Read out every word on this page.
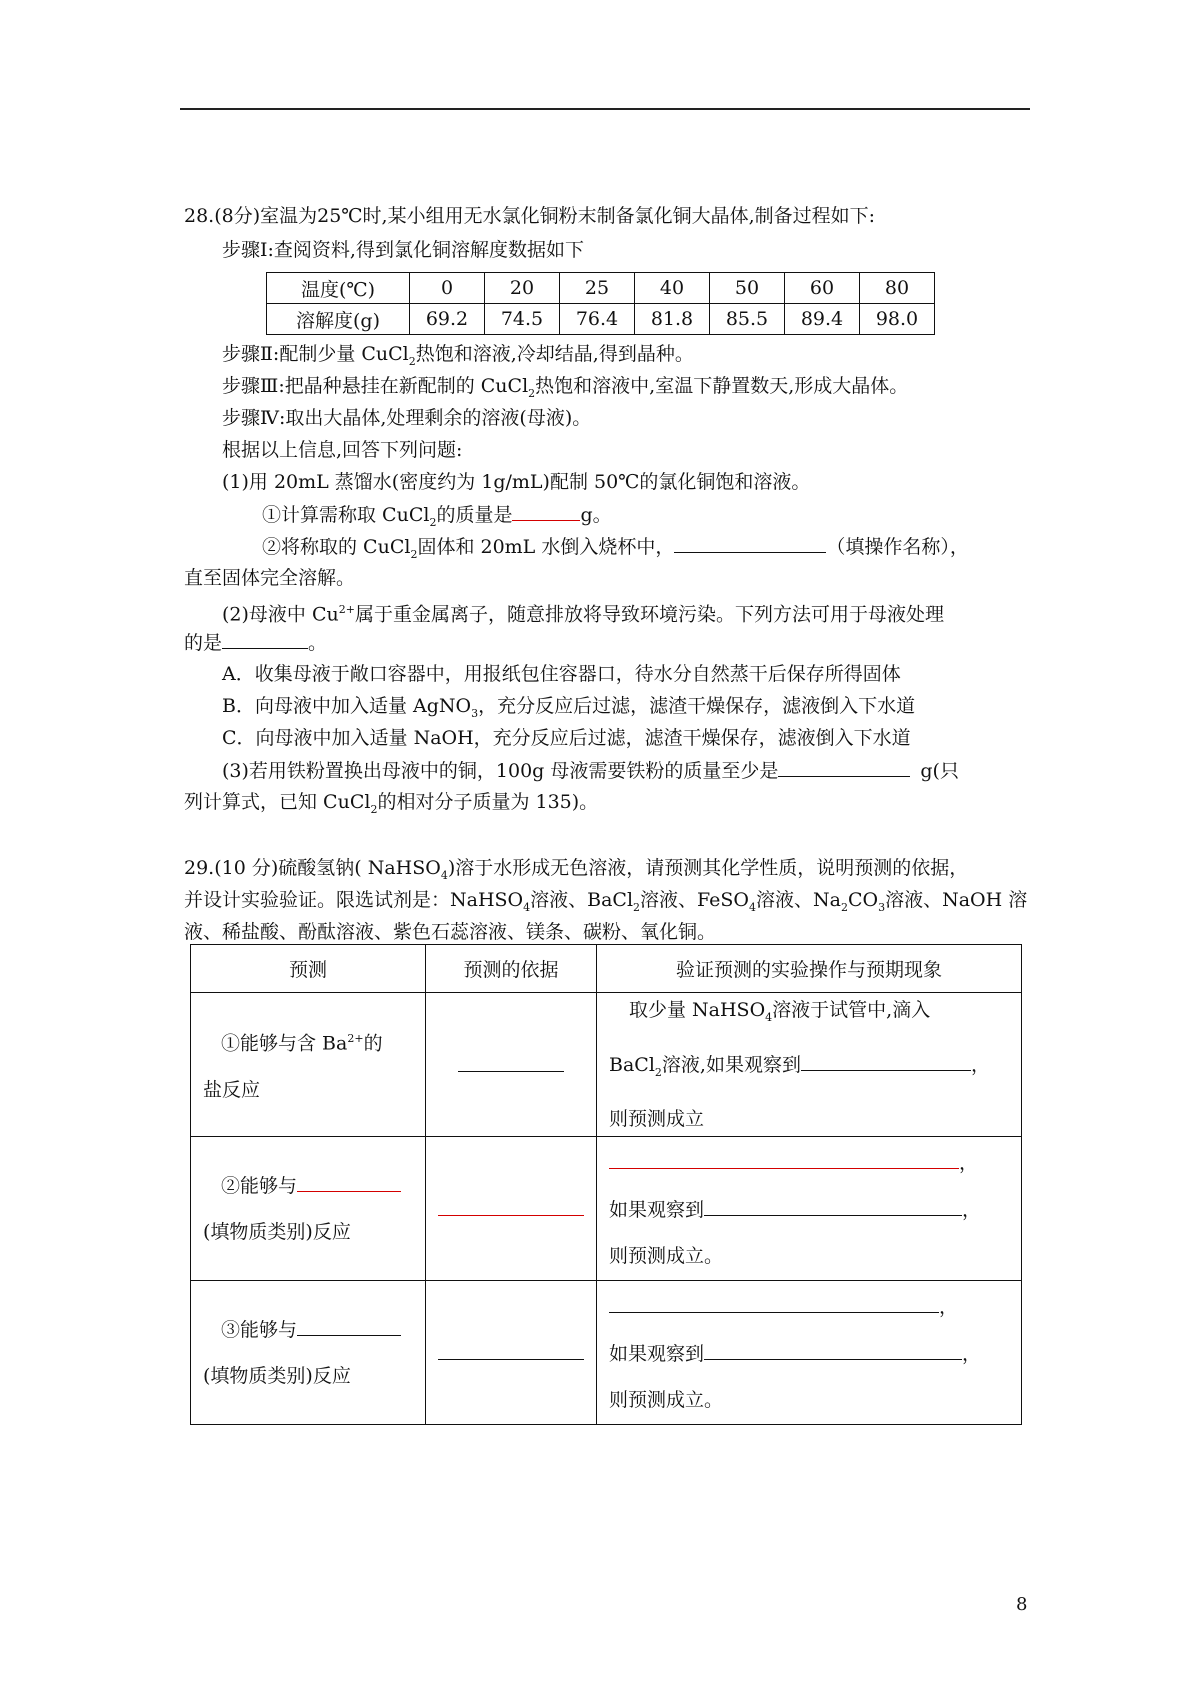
28.(8分)室温为25℃时,某小组用无水氯化铜粉末制备氯化铜大晶体,制备过程如下:
步骤Ⅰ:查阅资料,得到氯化铜溶解度数据如下
温度(℃)	0	20	25	40	50	60	80
溶解度(g)	69.2	74.5	76.4	81.8	85.5	89.4	98.0
步骤Ⅱ:配制少量 CuCl$_2$热饱和溶液,冷却结晶,得到晶种。
步骤Ⅲ:把晶种悬挂在新配制的 CuCl$_2$热饱和溶液中,室温下静置数天,形成大晶体。
步骤Ⅳ:取出大晶体,处理剩余的溶液(母液)。
根据以上信息,回答下列问题:
(1)用 20mL 蒸馏水(密度约为 1g/mL)配制 50℃的氯化铜饱和溶液。
①计算需称取 CuCl$_2$的质量是	g。
②将称取的 CuCl$_2$固体和 20mL 水倒入烧杯中，	（填操作名称），
直至固体完全溶解。
(2)母液中 $Cu^{2+}$属于重金属离子，随意排放将导致环境污染。下列方法可用于母液处理
的是	。
A．收集母液于敞口容器中，用报纸包住容器口，待水分自然蒸干后保存所得固体
B．向母液中加入适量 AgNO$_3$，充分反应后过滤，滤渣干燥保存，滤液倒入下水道
C．向母液中加入适量 NaOH，充分反应后过滤，滤渣干燥保存，滤液倒入下水道
(3)若用铁粉置换出母液中的铜，100g 母液需要铁粉的质量至少是	g(只
列计算式，已知 CuCl$_2$的相对分子质量为 135)。
29.(10 分)硫酸氢钠( NaHSO$_4$)溶于水形成无色溶液，请预测其化学性质，说明预测的依据，
并设计实验验证。限选试剂是：NaHSO$_4$溶液、BaCl$_2$溶液、FeSO$_4$溶液、$Na_2CO_3$溶液、NaOH 溶
液、稀盐酸、酚酞溶液、紫色石蕊溶液、镁条、碳粉、氧化铜。
预测	预测的依据	验证预测的实验操作与预期现象

①能够与含 $Ba^{2+}$的
盐反应		取少量 NaHSO$_4$溶液于试管中,滴入
BaCl$_2$溶液,如果观察到 ，
则预测成立

②能够与
(填物质类别)反应		，
如果观察到 ，
则预测成立。

③能够与
(填物质类别)反应		，
如果观察到 ，
则预测成立。
8
